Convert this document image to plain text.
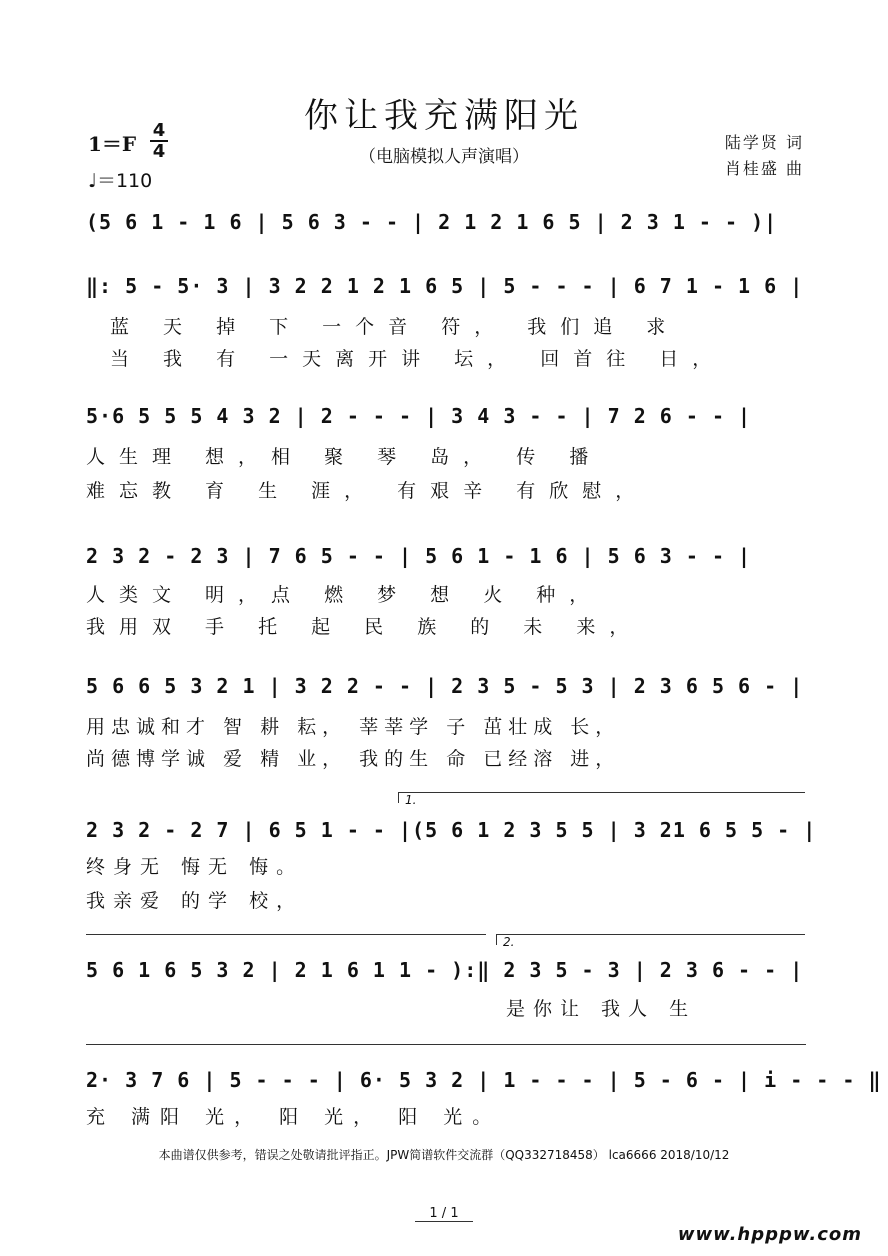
你让我充满阳光
（电脑模拟人声演唱）
陆学贤 词
肖桂盛 曲
1＝F
4
4
♩＝110
(5 6 1 - 1 6 | 5 6 3 - - | 2 1 2 1 6 5 | 2 3 1 - - )|
‖: 5 - 5· 3 | 3 2 2 1 2 1 6 5 | 5 - - - | 6 7 1 - 1 6 |
蓝 天 掉 下 一个音 符， 我们追 求
当 我 有 一天离开讲 坛， 回首往 日，
5·6 5 5 5 4 3 2 | 2 - - - | 3 4 3 - - | 7 2 6 - - |
人生理 想，相 聚 琴 岛， 传 播
难忘教 育 生 涯， 有艰辛 有欣慰，
2 3 2 - 2 3 | 7 6 5 - - | 5 6 1 - 1 6 | 5 6 3 - - |
人类文 明，点 燃 梦 想 火 种，
我用双 手 托 起 民 族 的 未 来，
5 6 6 5 3 2 1 | 3 2 2 - - | 2 3 5 - 5 3 | 2 3 6 5 6 - |
用忠诚和才 智 耕 耘， 莘莘学 子 茁壮成 长，
尚德博学诚 爱 精 业， 我的生 命 已经溶 进，
1.
2 3 2 - 2 7 | 6 5 1 - - |(5 6 1 2 3 5 5 | 3 21 6 5 5 - |
终身无 悔无 悔。
我亲爱 的学 校，
2.
5 6 1 6 5 3 2 | 2 1 6 1 1 - ):‖ 2 3 5 - 3 | 2 3 6 - - |
是你让 我人 生
2· 3 7 6 | 5 - - - | 6· 5 3 2 | 1 - - - | 5 - 6 - | i - - - ‖
充 满阳 光， 阳 光， 阳 光。
本曲谱仅供参考，错误之处敬请批评指正。JPW简谱软件交流群（QQ332718458） lca6666 2018/10/12
1 / 1
www.hpppw.com
